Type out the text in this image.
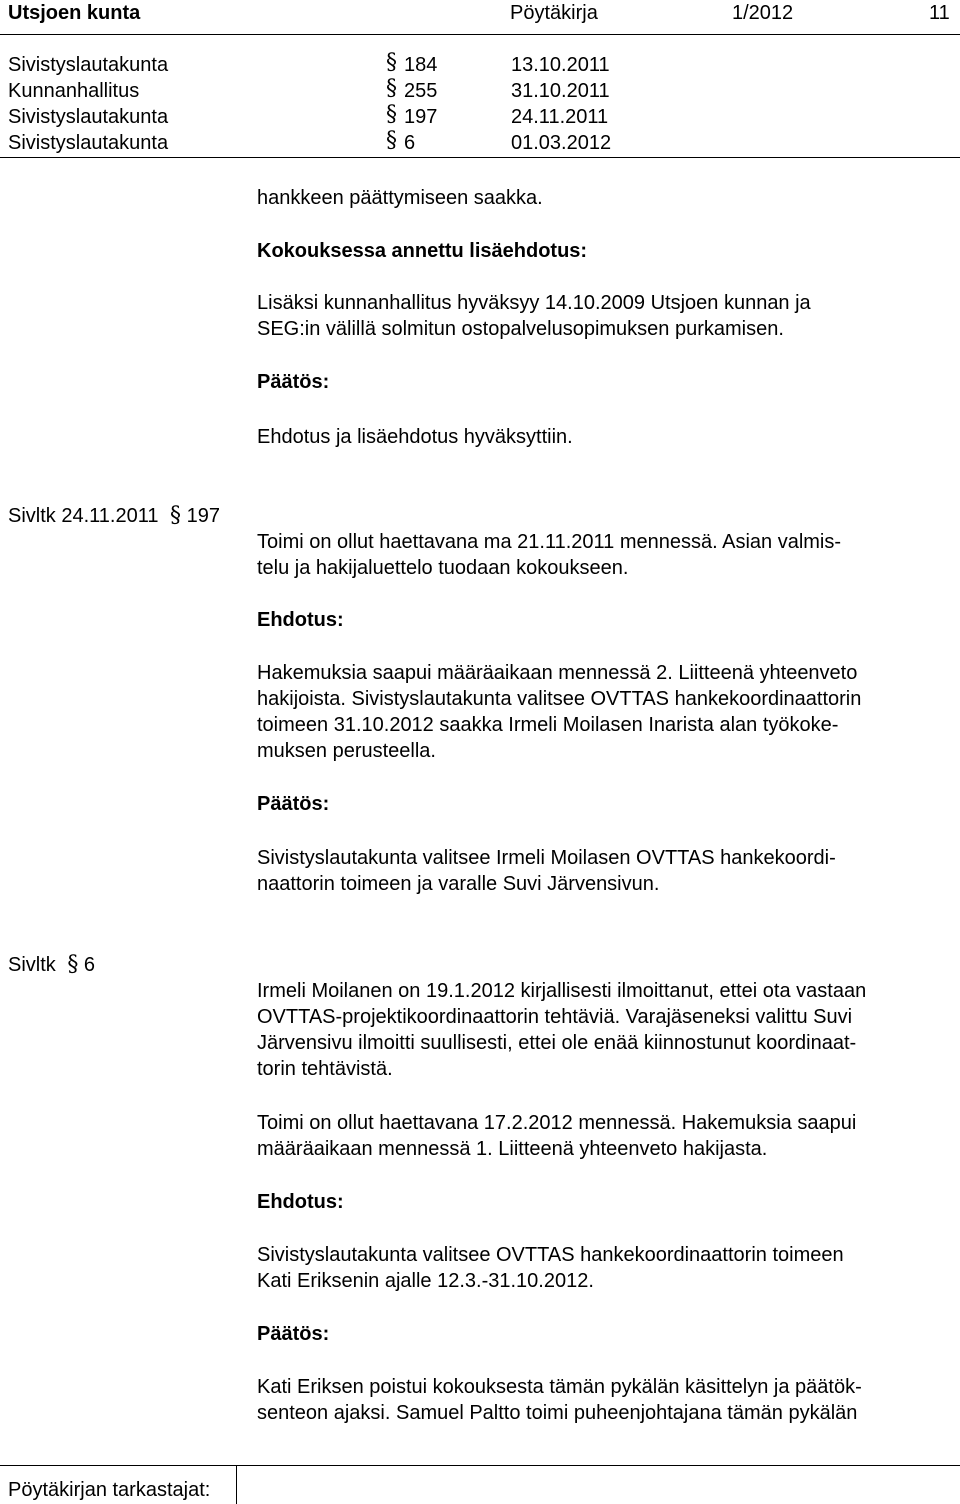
Utsjoen kunta	Pöytäkirja	1/2012	11
Sivistyslautakunta	§ 184	13.10.2011
Kunnanhallitus	§ 255	31.10.2011
Sivistyslautakunta	§ 197	24.11.2011
Sivistyslautakunta	§ 6	01.03.2012
hankkeen päättymiseen saakka.
Kokouksessa annettu lisäehdotus:
Lisäksi kunnanhallitus hyväksyy 14.10.2009 Utsjoen kunnan ja
SEG:in välillä solmitun ostopalvelusopimuksen purkamisen.
Päätös:
Ehdotus ja lisäehdotus hyväksyttiin.
Sivltk 24.11.2011 § 197
Toimi on ollut haettavana ma 21.11.2011 mennessä. Asian valmis-
telu ja hakijaluettelo tuodaan kokoukseen.
Ehdotus:
Hakemuksia saapui määräaikaan mennessä 2. Liitteenä yhteenveto
hakijoista. Sivistyslautakunta valitsee OVTTAS hankekoordinaattorin
toimeen 31.10.2012 saakka Irmeli Moilasen Inarista alan työkoke-
muksen perusteella.
Päätös:
Sivistyslautakunta valitsee Irmeli Moilasen OVTTAS hankekoordi-
naattorin toimeen ja varalle Suvi Järvensivun.
Sivltk § 6
Irmeli Moilanen on 19.1.2012 kirjallisesti ilmoittanut, ettei ota vastaan
OVTTAS-projektikoordinaattorin tehtäviä. Varajäseneksi valittu Suvi
Järvensivu ilmoitti suullisesti, ettei ole enää kiinnostunut koordinaat-
torin tehtävistä.
Toimi on ollut haettavana 17.2.2012 mennessä. Hakemuksia saapui
määräaikaan mennessä 1. Liitteenä yhteenveto hakijasta.
Ehdotus:
Sivistyslautakunta valitsee OVTTAS hankekoordinaattorin toimeen
Kati Eriksenin ajalle 12.3.-31.10.2012.
Päätös:
Kati Eriksen poistui kokouksesta tämän pykälän käsittelyn ja päätök-
senteon ajaksi. Samuel Paltto toimi puheenjohtajana tämän pykälän
Pöytäkirjan tarkastajat:
